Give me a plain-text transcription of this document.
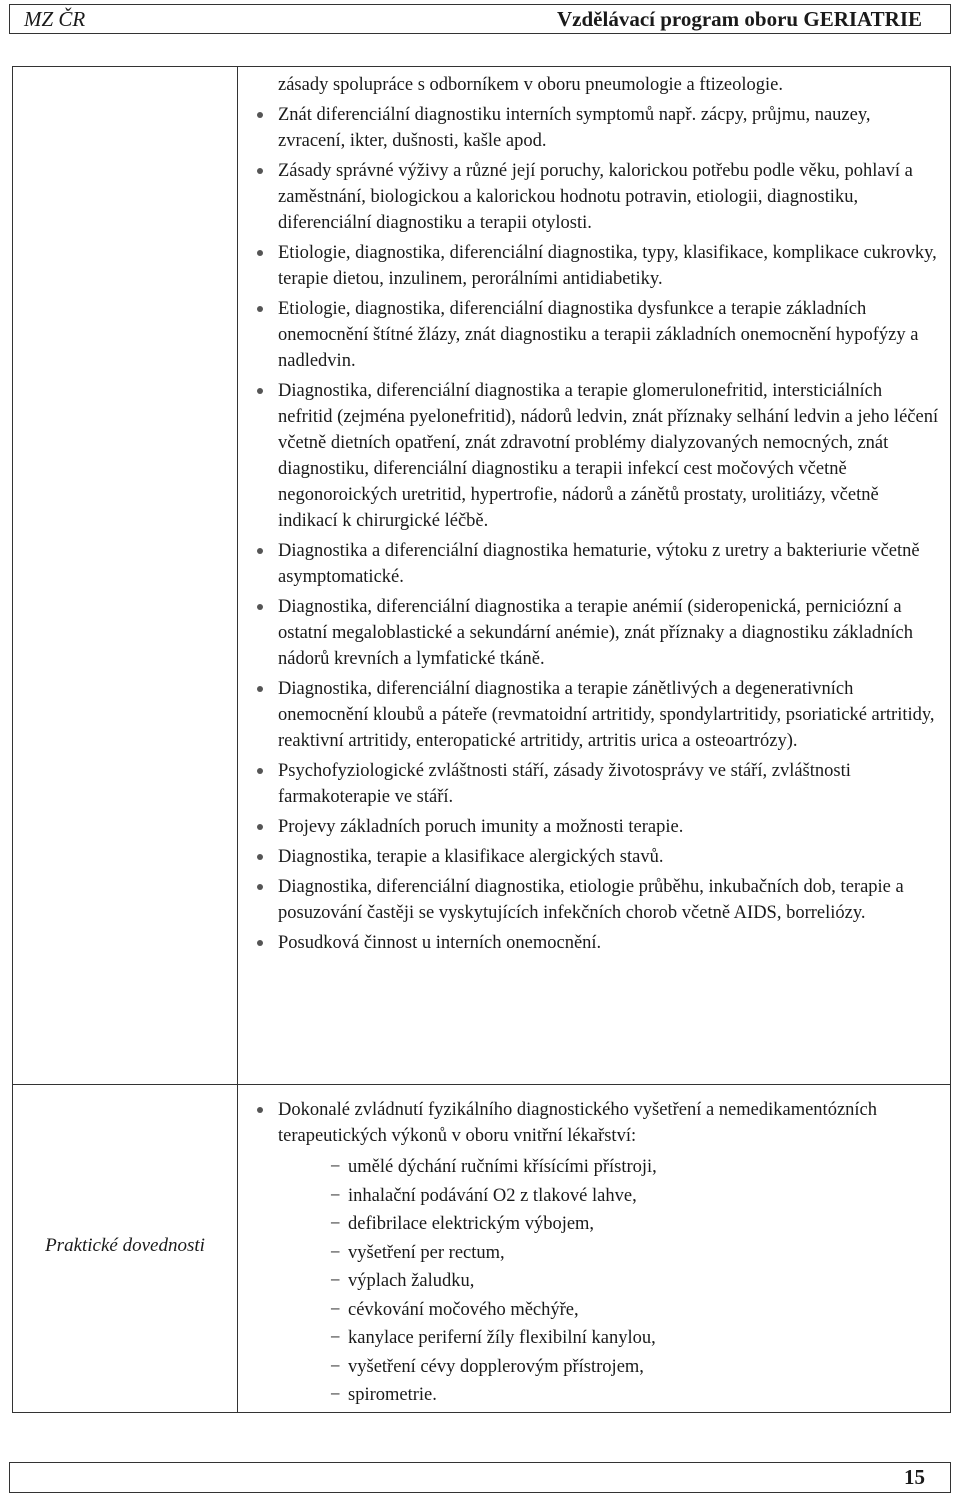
MZ ČR	Vzdělávací program oboru GERIATRIE
Praktické dovednosti
zásady spolupráce s odborníkem v oboru pneumologie a ftizeologie.
Znát diferenciální diagnostiku interních symptomů např. zácpy, průjmu, nauzey, zvracení, ikter, dušnosti, kašle apod.
Zásady správné výživy a různé její poruchy, kalorickou potřebu podle věku, pohlaví a zaměstnání, biologickou a kalorickou hodnotu potravin, etiologii, diagnostiku, diferenciální diagnostiku a terapii otylosti.
Etiologie, diagnostika, diferenciální diagnostika, typy, klasifikace, komplikace cukrovky, terapie dietou, inzulinem, perorálními antidiabetiky.
Etiologie, diagnostika, diferenciální diagnostika dysfunkce a terapie základních onemocnění štítné žlázy, znát diagnostiku a terapii základních onemocnění hypofýzy a nadledvin.
Diagnostika, diferenciální diagnostika a terapie glomerulonefritid, intersticiálních nefritid (zejména pyelonefritid), nádorů ledvin, znát příznaky selhání ledvin a jeho léčení včetně dietních opatření, znát zdravotní problémy dialyzovaných nemocných, znát diagnostiku, diferenciální diagnostiku a terapii infekcí cest močových včetně negonoroických uretritid, hypertrofie, nádorů a zánětů prostaty, urolitiázy, včetně indikací k chirurgické léčbě.
Diagnostika a diferenciální diagnostika hematurie, výtoku z uretry a bakteriurie včetně asymptomatické.
Diagnostika, diferenciální diagnostika a terapie anémií (sideropenická, perniciózní a ostatní megaloblastické a sekundární anémie), znát příznaky a diagnostiku základních nádorů krevních a lymfatické tkáně.
Diagnostika, diferenciální diagnostika a terapie zánětlivých a degenerativních onemocnění kloubů a páteře (revmatoidní artritidy, spondylartritidy, psoriatické artritidy, reaktivní artritidy, enteropatické artritidy, artritis urica a osteoartrózy).
Psychofyziologické zvláštnosti stáří, zásady životosprávy ve stáří, zvláštnosti farmakoterapie ve stáří.
Projevy základních poruch imunity a možnosti terapie.
Diagnostika, terapie a klasifikace alergických stavů.
Diagnostika, diferenciální diagnostika, etiologie průběhu, inkubačních dob, terapie a posuzování častěji se vyskytujících infekčních chorob včetně AIDS, borreliózy.
Posudková činnost u interních onemocnění.
Dokonalé zvládnutí fyzikálního diagnostického vyšetření a nemedikamentózních terapeutických výkonů v oboru vnitřní lékařství:
− umělé dýchání ručními křísícími přístroji,
− inhalační podávání O2 z tlakové lahve,
− defibrilace elektrickým výbojem,
− vyšetření per rectum,
− výplach žaludku,
− cévkování močového měchýře,
− kanylace periferní žíly flexibilní kanylou,
− vyšetření cévy dopplerovým přístrojem,
− spirometrie.
15
